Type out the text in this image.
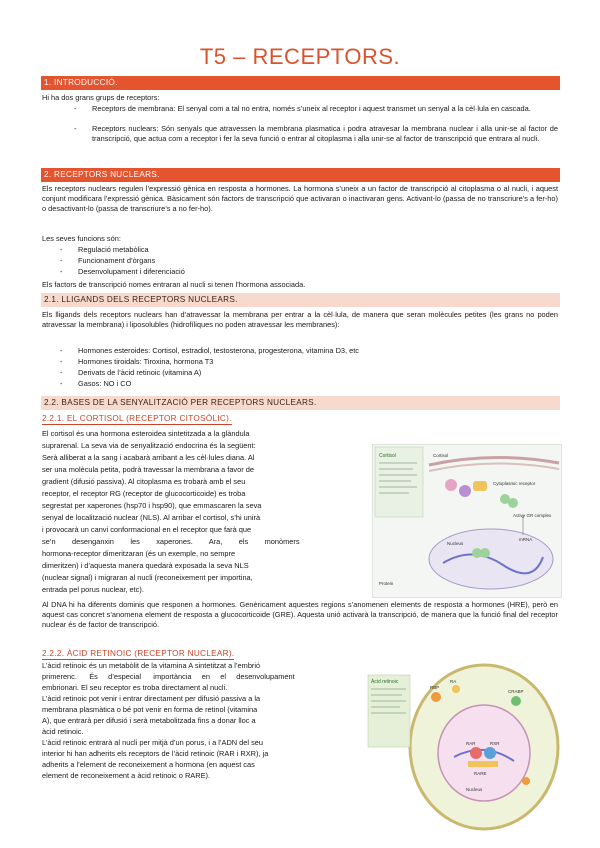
T5 – RECEPTORS.
1. INTRODUCCIÓ.
Hi ha dos grans grups de receptors:
- Receptors de membrana: El senyal com a tal no entra, només s’uneix al receptor i aquest transmet un senyal a la cèl·lula en cascada.
- Receptors nuclears: Són senyals que atravessen la membrana plasmatica i podra atravesar la membrana nuclear i alla unir-se al factor de transcripció, que actua com a receptor i fer la seva funció o entrar al citoplasma i alla unir-se al factor de transcripció que entrara al nucli.
2. RECEPTORS NUCLEARS.
Els receptors nuclears regulen l’expressió gènica en resposta a hormones. La hormona s’uneix a un factor de transcripció al citoplasma o al nucli, i aquest conjunt modificara l’expressió gènica. Bàsicament són factors de transcripció que activaran o inactivaran gens. Activant-lo (passa de no transcriure’s a fer-ho) o desactivant-lo (passa de transcriure’s a no fer-ho).
Les seves funcions són:
- Regulació metabòlica
- Funcionament d’òrgans
- Desenvolupament i diferenciació
Els factors de transcripció nomes entraran al nucli si tenen l’hormona associada.
2.1. LLIGANDS DELS RECEPTORS NUCLEARS.
Els lligands dels receptors nuclears han d’atravessar la membrana per entrar a la cèl·lula, de manera que seran molècules petites (les grans no poden atravessar la membrana) i liposolubles (hidrofíliques no poden atravessar les membranes):
- Hormones esteroides: Cortisol, estradiol, testosterona, progesterona, vitamina D3, etc
- Hormones tiroidals: Tiroxina, hormona T3
- Derivats de l’àcid retinoic (vitamina A)
- Gasos: NO i CO
2.2. BASES DE LA SENYALITZACIÓ PER RECEPTORS NUCLEARS.
2.2.1. EL CORTISOL (RECEPTOR CITOSÒLIC).
El cortisol és una hormona esteroidea sintetitzada a la glàndula
suprarenal. La seva via de senyalització endocrina és la següent:
Serà alliberat a la sang i acabarà arribant a les cèl·lules diana. Al
ser una molècula petita, podrà travessar la membrana a favor de
gradient (difusió passiva). Al citoplasma es trobarà amb el seu
receptor, el receptor RG (receptor de glucocorticoide) es troba
segrestat per xaperones (hsp70 i hsp90), que emmascaren la seva
senyal de localització nuclear (NLS). Al arribar el cortisol, s’hi unirà
i provocarà un canvi conformacional en el receptor que farà que
se’n        desenganxin        les        xaperones.        Ara,        els        monòmers
hormona-receptor dimeritzaran (és un exemple, no sempre
dimeritzen) i d’aquesta manera quedarà exposada la seva NLS
(nuclear signal) i migraran al nucli (reconeixement per importina,
entrada pel porus nuclear, etc).
Al DNA hi ha diferents dominis que responen a hormones. Genèricament aquestes regions s’anomenen elements de resposta a hormones (HRE), però en aquest cas concret s’anomena element de resposta a glucocorticoide (GRE). Aquesta unió activarà la transcripció, de manera que la funció final del receptor nuclear és de factor de transcripció.
2.2.2. ÀCID RETINOIC (RECEPTOR NUCLEAR).
L’àcid retinoic és un metabòlit de la vitamina A sintetitzat a l’embrió
primerenc.      És     d’especial      importància     en     el     desenvolupament
embrionari. El seu receptor es troba directament al nucli.
L’àcid retinoic pot venir i entrar directament per difusió passiva a la
membrana plasmàtica o bé pot venir en forma de retinol (vitamina
A), que entrarà per difusió i serà metabolitzada fins a donar lloc a
àcid retinoic.
L’àcid retinoic entrarà al nucli per mitjà d’un porus, i a l’ADN del seu
interior hi han adherits els receptors de l’àcid retinoic (RAR i RXR), ja
adherits a l’element de reconeixement a hormona (en aquest cas
element de reconeixement a àcid retinoic o RARE).
Cortisol
Cytoplasmic receptor
Active GR complex
Cortisol
Nucleus
mRNA
Protein
Àcid retinoic
RBP
RA
CRABP
RAR	RXR
RARE
Nucleus
